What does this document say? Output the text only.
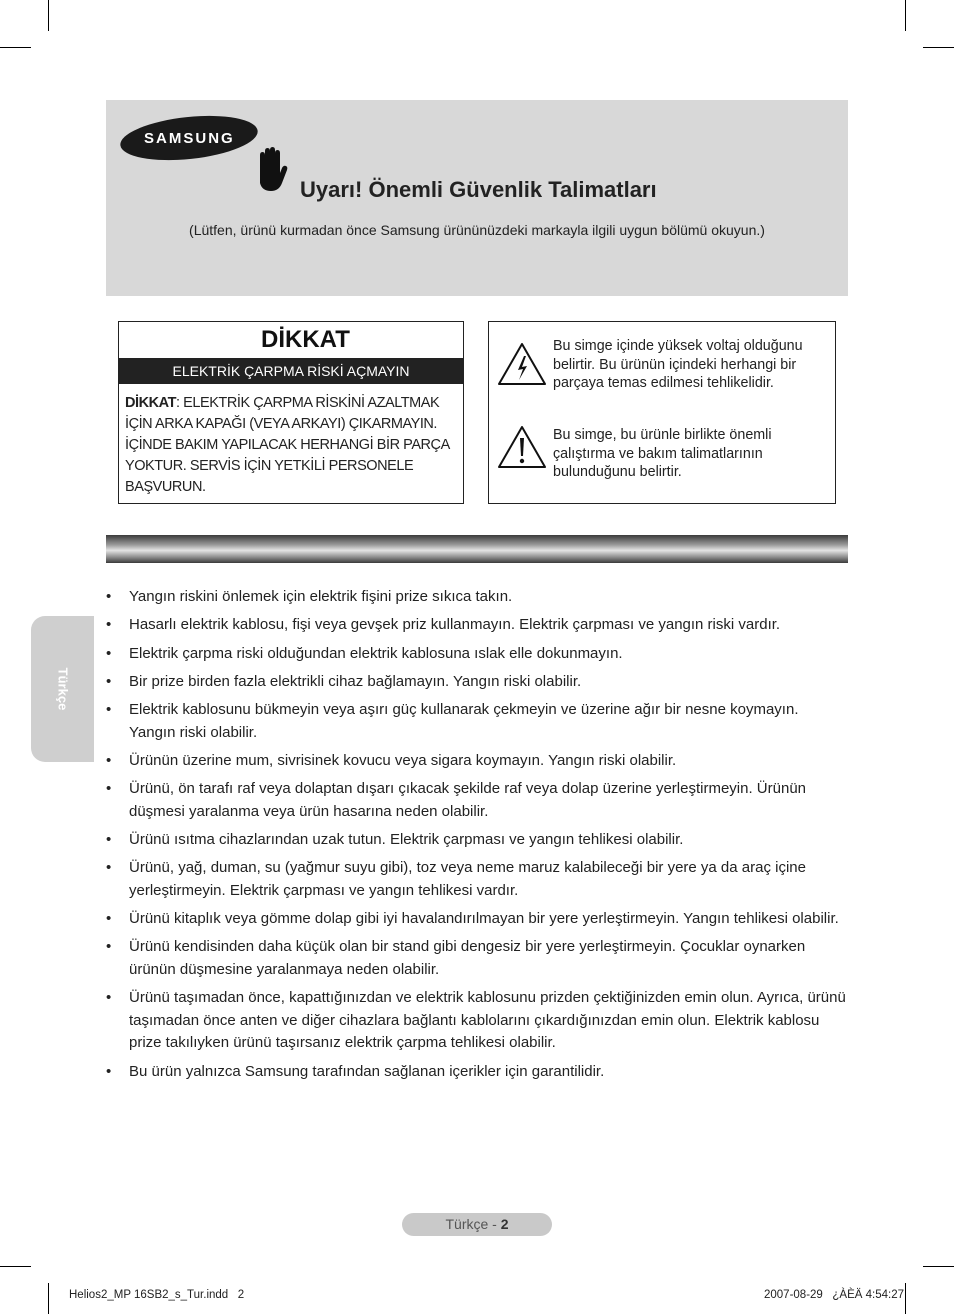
SAMSUNG
Uyarı! Önemli Güvenlik Talimatları
(Lütfen, ürünü kurmadan önce Samsung ürününüzdeki markayla ilgili uygun bölümü okuyun.)
DİKKAT
ELEKTRİK ÇARPMA RİSKİ AÇMAYIN
DİKKAT: ELEKTRİK ÇARPMA RİSKİNİ AZALTMAK İÇİN ARKA KAPAĞI (VEYA ARKAYI) ÇIKARMAYIN. İÇİNDE BAKIM YAPILACAK HERHANGİ BİR PARÇA YOKTUR. SERVİS İÇİN YETKİLİ PERSONELE BAŞVURUN.
Bu simge içinde yüksek voltaj olduğunu belirtir. Bu ürünün içindeki herhangi bir parçaya temas edilmesi tehlikelidir.
Bu simge, bu ürünle birlikte önemli çalıştırma ve bakım talimatlarının bulunduğunu belirtir.
Türkçe
• Yangın riskini önlemek için elektrik fişini prize sıkıca takın.
• Hasarlı elektrik kablosu, fişi veya gevşek priz kullanmayın. Elektrik çarpması ve yangın riski vardır.
• Elektrik çarpma riski olduğundan elektrik kablosuna ıslak elle dokunmayın.
• Bir prize birden fazla elektrikli cihaz bağlamayın. Yangın riski olabilir.
• Elektrik kablosunu bükmeyin veya aşırı güç kullanarak çekmeyin ve üzerine ağır bir nesne koymayın.
Yangın riski olabilir.
• Ürünün üzerine mum, sivrisinek kovucu veya sigara koymayın. Yangın riski olabilir.
• Ürünü, ön tarafı raf veya dolaptan dışarı çıkacak şekilde raf veya dolap üzerine yerleştirmeyin. Ürünün düşmesi yaralanma veya ürün hasarına neden olabilir.
• Ürünü ısıtma cihazlarından uzak tutun. Elektrik çarpması ve yangın tehlikesi olabilir.
• Ürünü, yağ, duman, su (yağmur suyu gibi), toz veya neme maruz kalabileceği bir yere ya da araç içine yerleştirmeyin. Elektrik çarpması ve yangın tehlikesi vardır.
• Ürünü kitaplık veya gömme dolap gibi iyi havalandırılmayan bir yere yerleştirmeyin. Yangın tehlikesi olabilir.
• Ürünü kendisinden daha küçük olan bir stand gibi dengesiz bir yere yerleştirmeyin. Çocuklar oynarken ürünün düşmesine yaralanmaya neden olabilir.
• Ürünü taşımadan önce, kapattığınızdan ve elektrik kablosunu prizden çektiğinizden emin olun. Ayrıca, ürünü taşımadan önce anten ve diğer cihazlara bağlantı kablolarını çıkardığınızdan emin olun. Elektrik kablosu prize takılıyken ürünü taşırsanız elektrik çarpma tehlikesi olabilir.
• Bu ürün yalnızca Samsung tarafından sağlanan içerikler için garantilidir.
Türkçe - 2
Helios2_MP 16SB2_s_Tur.indd   2	2007-08-29   ¿ÀÈÄ 4:54:27
